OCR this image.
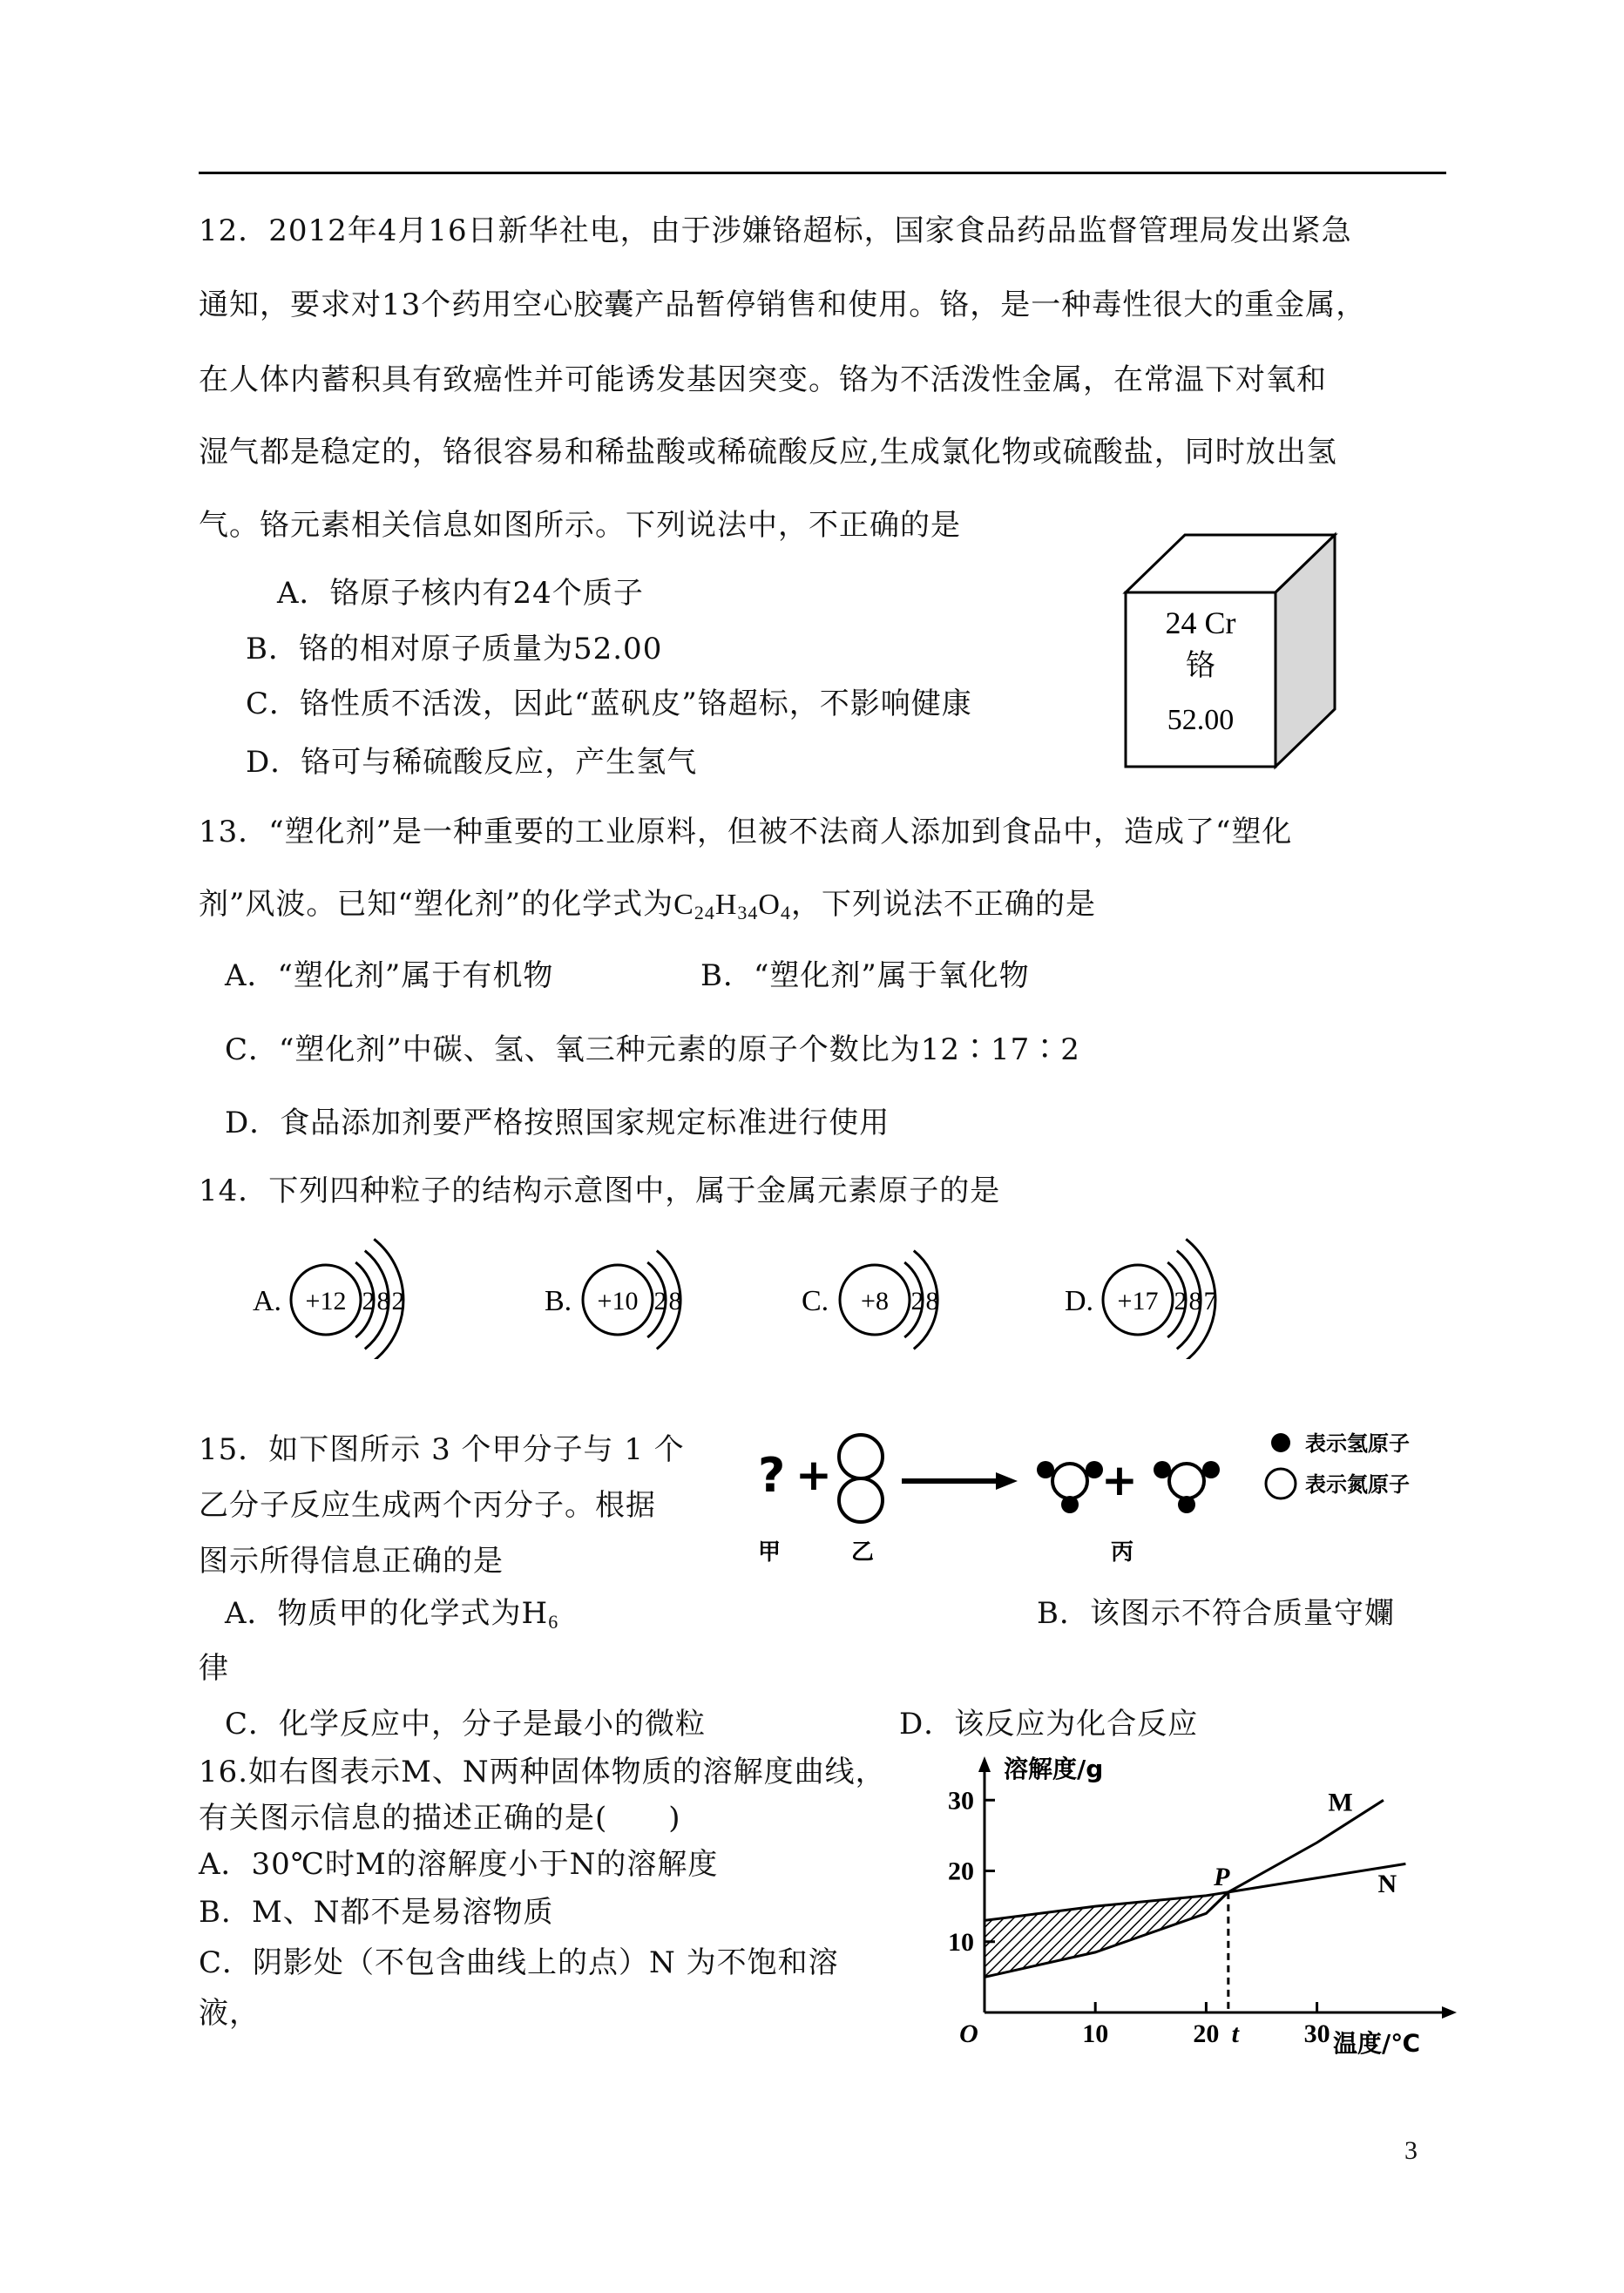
12．2012年4月16日新华社电，由于涉嫌铬超标，国家食品药品监督管理局发出紧急
通知，要求对13个药用空心胶囊产品暂停销售和使用。铬，是一种毒性很大的重金属，
在人体内蓄积具有致癌性并可能诱发基因突变。铬为不活泼性金属，在常温下对氧和
湿气都是稳定的，铬很容易和稀盐酸或稀硫酸反应,生成氯化物或硫酸盐，同时放出氢
气。铬元素相关信息如图所示。下列说法中，不正确的是
A．铬原子核内有24个质子
B．铬的相对原子质量为52.00
C．铬性质不活泼，因此“蓝矾皮”铬超标，不影响健康
D．铬可与稀硫酸反应，产生氢气
24 Cr
铬
52.00
13．“塑化剂”是一种重要的工业原料，但被不法商人添加到食品中，造成了“塑化
剂”风波。已知“塑化剂”的化学式为$C_{24}H_{34}O_4$，下列说法不正确的是
A．“塑化剂”属于有机物	B．“塑化剂”属于氧化物
C．“塑化剂”中碳、氢、氧三种元素的原子个数比为12∶17∶2
D．食品添加剂要严格按照国家规定标准进行使用
14．下列四种粒子的结构示意图中，属于金属元素原子的是
A. +12 2 8 2	B. +10 2 8	C. +8 2 8	D. +17 2 8 7
15．如下图所示 3 个甲分子与 1 个
乙分子反应生成两个丙分子。根据
图示所得信息正确的是
? +	+
表示氢原子
表示氮原子
甲	乙	丙
A．物质甲的化学式为$H_6$	B．该图示不符合质量守孄
律
C．化学反应中，分子是最小的微粒	D．该反应为化合反应
16.如右图表示M、N两种固体物质的溶解度曲线，
有关图示信息的描述正确的是(　　)
A．30℃时M的溶解度小于N的溶解度
B．M、N都不是易溶物质
C．阴影处（不包含曲线上的点）N 为不饱和溶
液，
溶解度/g
温度/℃
10
20
30
O	10	20 t 30
M
N
P
3
